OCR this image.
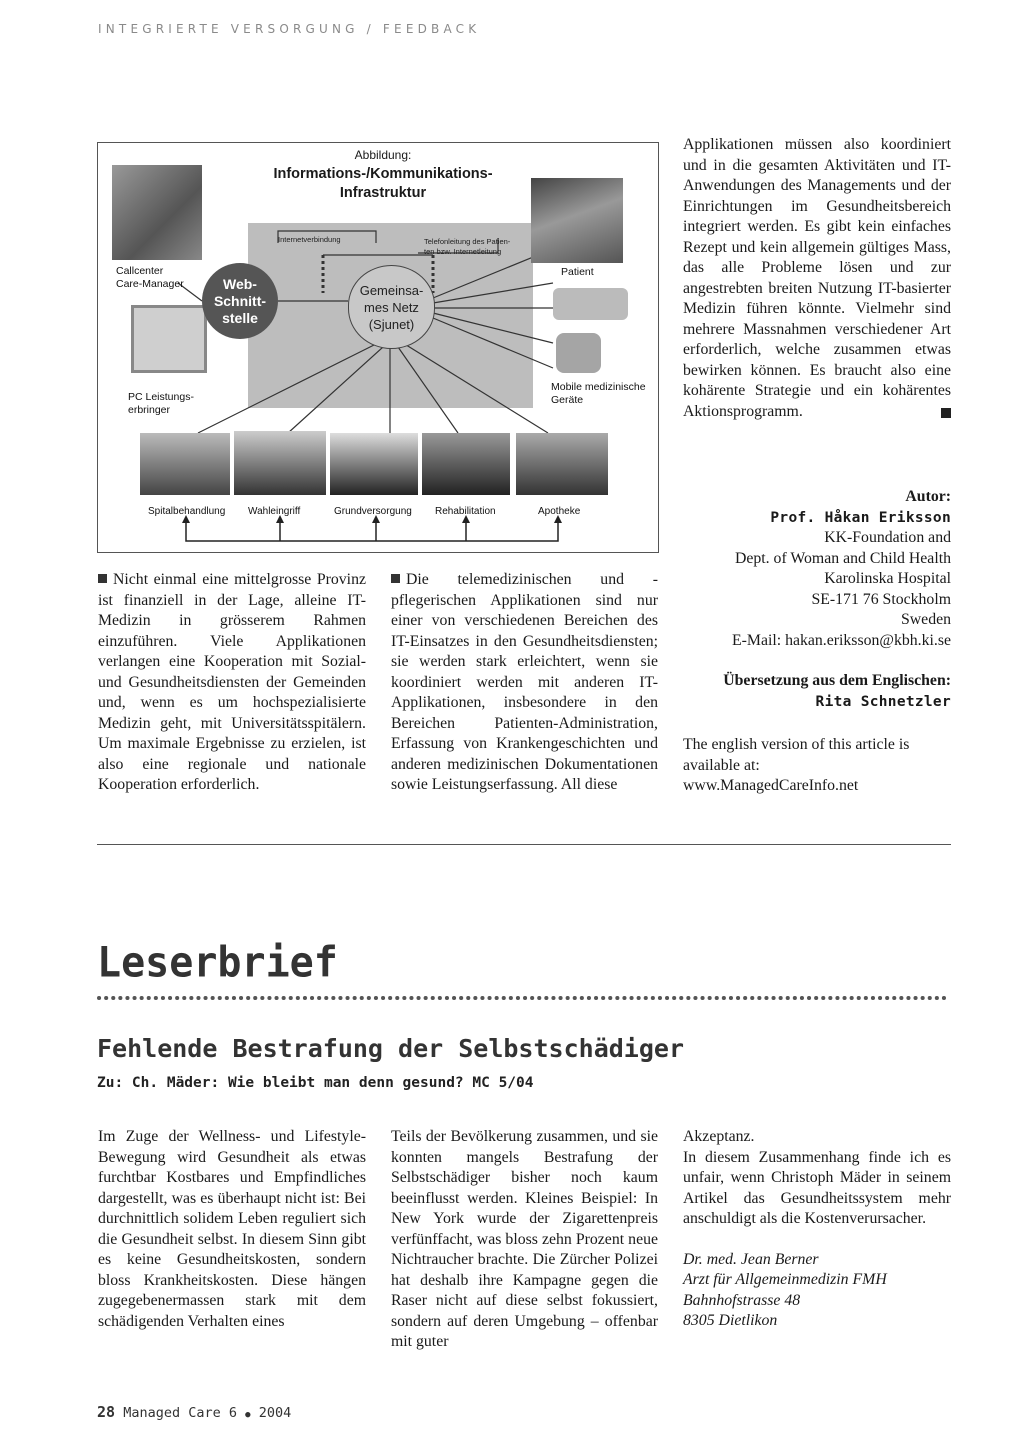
INTEGRIERTE VERSORGUNG / FEEDBACK
Abbildung:
Informations-/Kommunikations-
Infrastruktur
Web-
Schnitt-
stelle
Gemeinsa-
mes Netz
(Sjunet)
Internetverbindung	Telefonleitung des Patien-
ten bzw. Internetleitung
Callcenter
Care-Manager
Patient
PC Leistungs-
erbringer
Mobile medizinische
Geräte
Spitalbehandlung Wahleingriff	Grundversorgung Rehabilitation	Apotheke

Nicht einmal eine mittelgrosse Provinz ist finanziell in der Lage, alleine IT-Medizin in grösserem Rahmen einzuführen. Viele Applikationen verlangen eine Kooperation mit Sozial- und Gesundheitsdiensten der Gemeinden und, wenn es um hochspezialisierte Medizin geht, mit Universitätsspitälern. Um maximale Ergebnisse zu erzielen, ist also eine regionale und nationale Kooperation erforderlich.

Die telemedizinischen und -pflegerischen Applikationen sind nur einer von verschiedenen Bereichen des IT-Einsatzes in den Gesundheitsdiensten; sie werden stark erleichtert, wenn sie koordiniert werden mit anderen IT-Applikationen, insbesondere in den Bereichen Patienten-Administration, Erfassung von Krankengeschichten und anderen medizinischen Dokumentationen sowie Leistungserfassung. All diese

Applikationen müssen also koordiniert und in die gesamten Aktivitäten und IT-Anwendungen des Managements und der Einrichtungen im Gesundheitsbereich integriert werden. Es gibt kein einfaches Rezept und kein allgemein gültiges Mass, das alle Probleme lösen und zur angestrebten breiten Nutzung IT-basierter Medizin führen könnte. Vielmehr sind mehrere Massnahmen verschiedener Art erforderlich, welche zusammen etwas bewirken können. Es braucht also eine kohärente Strategie und ein kohärentes Aktionsprogramm.

Autor:
Prof. Håkan Eriksson
KK-Foundation and
Dept. of Woman and Child Health
Karolinska Hospital
SE-171 76 Stockholm
Sweden
E-Mail: hakan.eriksson@kbh.ki.se
Übersetzung aus dem Englischen:
Rita Schnetzler
The english version of this article is
available at:
www.ManagedCareInfo.net
Leserbrief
Fehlende Bestrafung der Selbstschädiger
Zu: Ch. Mäder: Wie bleibt man denn gesund? MC 5/04

Im Zuge der Wellness- und Lifestyle-Bewegung wird Gesundheit als etwas furchtbar Kostbares und Empfindliches dargestellt, was es überhaupt nicht ist: Bei durchnittlich solidem Leben reguliert sich die Gesundheit selbst. In diesem Sinn gibt es keine Gesundheitskosten, sondern bloss Krankheitskosten. Diese hängen zugegebenermassen stark mit dem schädigenden Verhalten eines

Teils der Bevölkerung zusammen, und sie konnten mangels Bestrafung der Selbstschädiger bisher noch kaum beeinflusst werden. Kleines Beispiel: In New York wurde der Zigarettenpreis verfünffacht, was bloss zehn Prozent neue Nichtraucher brachte. Die Zürcher Polizei hat deshalb ihre Kampagne gegen die Raser nicht auf diese selbst fokussiert, sondern auf deren Umgebung – offenbar mit guter

Akzeptanz.

In diesem Zusammenhang finde ich es unfair, wenn Christoph Mäder in seinem Artikel das Gesundheitssystem mehr anschuldigt als die Kostenverursacher.

Dr. med. Jean Berner

Arzt für Allgemeinmedizin FMH

Bahnhofstrasse 48

8305 Dietlikon

28 Managed Care 6 ● 2004
